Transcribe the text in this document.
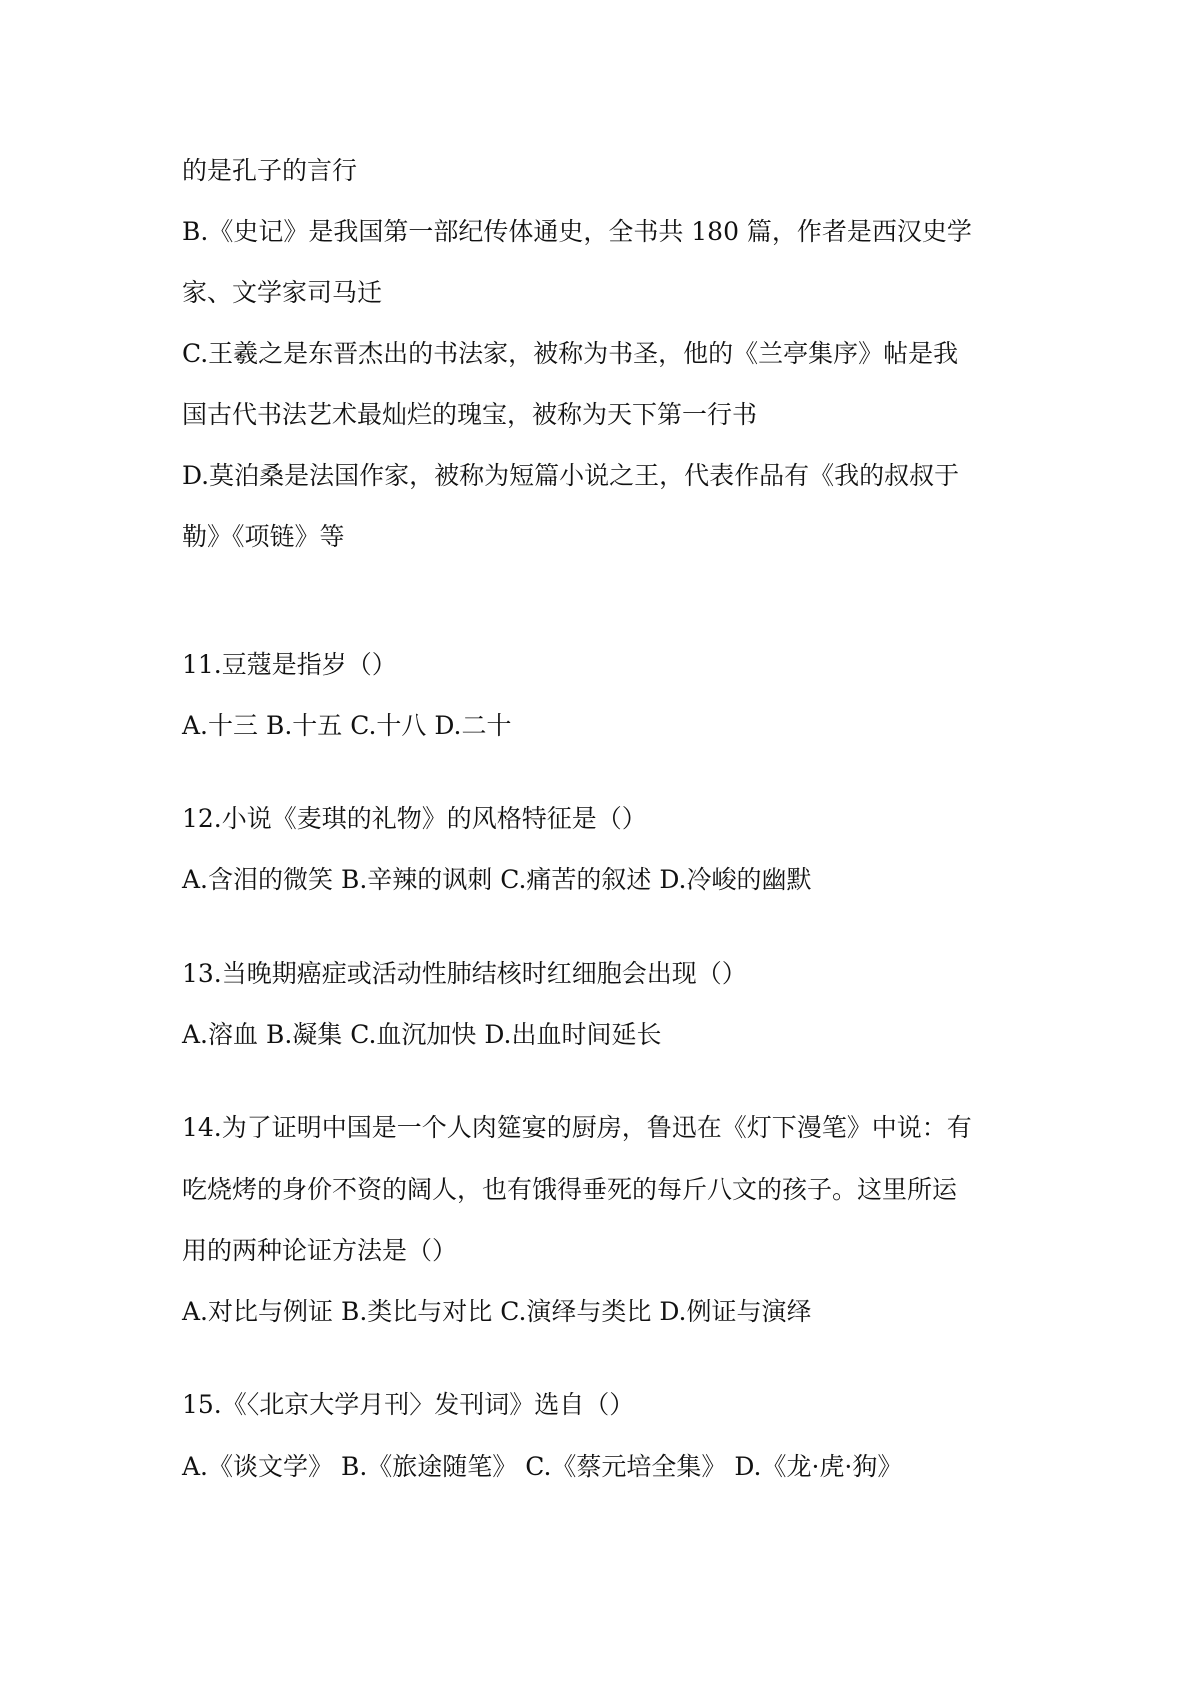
的是孔子的言行
B.《史记》是我国第一部纪传体通史，全书共 180 篇，作者是西汉史学
家、文学家司马迁
C.王羲之是东晋杰出的书法家，被称为书圣，他的《兰亭集序》帖是我
国古代书法艺术最灿烂的瑰宝，被称为天下第一行书
D.莫泊桑是法国作家，被称为短篇小说之王，代表作品有《我的叔叔于
勒》《项链》等
11.豆蔻是指岁（）
A.十三 B.十五 C.十八 D.二十
12.小说《麦琪的礼物》的风格特征是（）
A.含泪的微笑 B.辛辣的讽刺 C.痛苦的叙述 D.冷峻的幽默
13.当晚期癌症或活动性肺结核时红细胞会出现（）
A.溶血 B.凝集 C.血沉加快 D.出血时间延长
14.为了证明中国是一个人肉筵宴的厨房，鲁迅在《灯下漫笔》中说：有
吃烧烤的身价不资的阔人，也有饿得垂死的每斤八文的孩子。这里所运
用的两种论证方法是（）
A.对比与例证 B.类比与对比 C.演绎与类比 D.例证与演绎
15.《〈北京大学月刊〉发刊词》选自（）
A.《谈文学》 B.《旅途随笔》 C.《蔡元培全集》 D.《龙·虎·狗》
